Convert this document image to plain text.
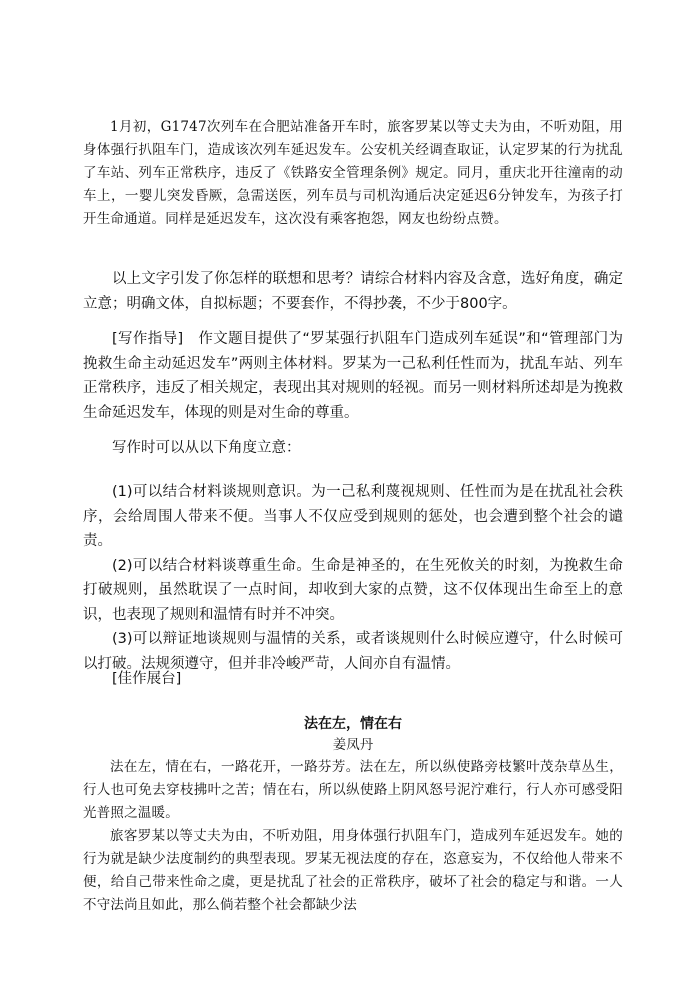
1月初，G1747次列车在合肥站准备开车时，旅客罗某以等丈夫为由，不听劝阻，用身体强行扒阻车门，造成该次列车延迟发车。公安机关经调查取证，认定罗某的行为扰乱了车站、列车正常秩序，违反了《铁路安全管理条例》规定。同月，重庆北开往潼南的动车上，一婴儿突发昏厥，急需送医，列车员与司机沟通后决定延迟6分钟发车，为孩子打开生命通道。同样是延迟发车，这次没有乘客抱怨，网友也纷纷点赞。

以上文字引发了你怎样的联想和思考？请综合材料内容及含意，选好角度，确定立意；明确文体，自拟标题；不要套作，不得抄袭，不少于800字。

[写作指导]　作文题目提供了“罗某强行扒阻车门造成列车延误”和“管理部门为挽救生命主动延迟发车”两则主体材料。罗某为一己私利任性而为，扰乱车站、列车正常秩序，违反了相关规定，表现出其对规则的轻视。而另一则材料所述却是为挽救生命延迟发车，体现的则是对生命的尊重。

写作时可以从以下角度立意：

(1)可以结合材料谈规则意识。为一己私利蔑视规则、任性而为是在扰乱社会秩序，会给周围人带来不便。当事人不仅应受到规则的惩处，也会遭到整个社会的谴责。

(2)可以结合材料谈尊重生命。生命是神圣的，在生死攸关的时刻，为挽救生命打破规则，虽然耽误了一点时间，却收到大家的点赞，这不仅体现出生命至上的意识，也表现了规则和温情有时并不冲突。

(3)可以辩证地谈规则与温情的关系，或者谈规则什么时候应遵守，什么时候可以打破。法规须遵守，但并非冷峻严苛，人间亦自有温情。

[佳作展台]

法在左，情在右

姜凤丹

法在左，情在右，一路花开，一路芬芳。法在左，所以纵使路旁枝繁叶茂杂草丛生，行人也可免去穿枝拂叶之苦；情在右，所以纵使路上阴风怒号泥泞难行，行人亦可感受阳光普照之温暖。

旅客罗某以等丈夫为由，不听劝阻，用身体强行扒阻车门，造成列车延迟发车。她的行为就是缺少法度制约的典型表现。罗某无视法度的存在，恣意妄为，不仅给他人带来不便，给自己带来性命之虞，更是扰乱了社会的正常秩序，破坏了社会的稳定与和谐。一人不守法尚且如此，那么倘若整个社会都缺少法
